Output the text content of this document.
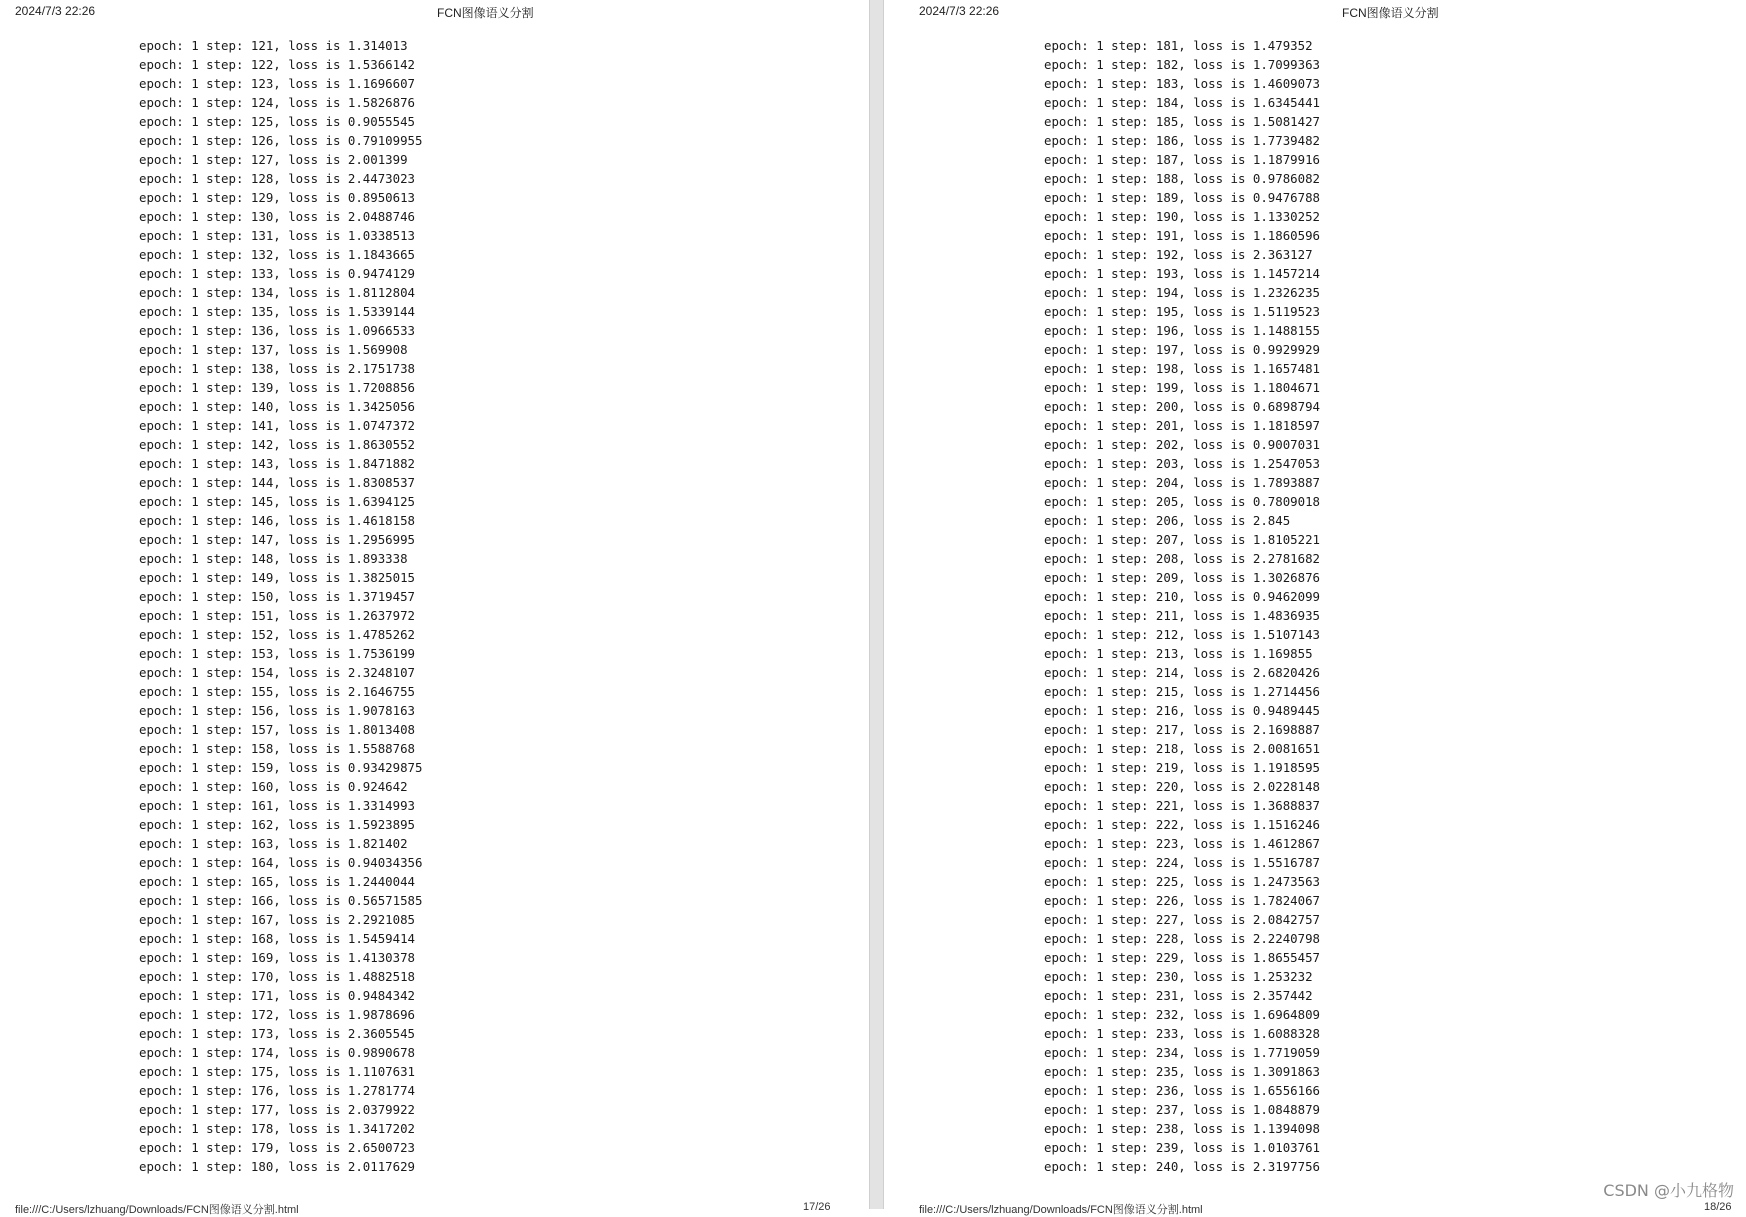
2024/7/3 22:26	FCN图像语义分割
epoch: 1 step: 121, loss is 1.314013
epoch: 1 step: 122, loss is 1.5366142
epoch: 1 step: 123, loss is 1.1696607
epoch: 1 step: 124, loss is 1.5826876
epoch: 1 step: 125, loss is 0.9055545
epoch: 1 step: 126, loss is 0.79109955
epoch: 1 step: 127, loss is 2.001399
epoch: 1 step: 128, loss is 2.4473023
epoch: 1 step: 129, loss is 0.8950613
epoch: 1 step: 130, loss is 2.0488746
epoch: 1 step: 131, loss is 1.0338513
epoch: 1 step: 132, loss is 1.1843665
epoch: 1 step: 133, loss is 0.9474129
epoch: 1 step: 134, loss is 1.8112804
epoch: 1 step: 135, loss is 1.5339144
epoch: 1 step: 136, loss is 1.0966533
epoch: 1 step: 137, loss is 1.569908
epoch: 1 step: 138, loss is 2.1751738
epoch: 1 step: 139, loss is 1.7208856
epoch: 1 step: 140, loss is 1.3425056
epoch: 1 step: 141, loss is 1.0747372
epoch: 1 step: 142, loss is 1.8630552
epoch: 1 step: 143, loss is 1.8471882
epoch: 1 step: 144, loss is 1.8308537
epoch: 1 step: 145, loss is 1.6394125
epoch: 1 step: 146, loss is 1.4618158
epoch: 1 step: 147, loss is 1.2956995
epoch: 1 step: 148, loss is 1.893338
epoch: 1 step: 149, loss is 1.3825015
epoch: 1 step: 150, loss is 1.3719457
epoch: 1 step: 151, loss is 1.2637972
epoch: 1 step: 152, loss is 1.4785262
epoch: 1 step: 153, loss is 1.7536199
epoch: 1 step: 154, loss is 2.3248107
epoch: 1 step: 155, loss is 2.1646755
epoch: 1 step: 156, loss is 1.9078163
epoch: 1 step: 157, loss is 1.8013408
epoch: 1 step: 158, loss is 1.5588768
epoch: 1 step: 159, loss is 0.93429875
epoch: 1 step: 160, loss is 0.924642
epoch: 1 step: 161, loss is 1.3314993
epoch: 1 step: 162, loss is 1.5923895
epoch: 1 step: 163, loss is 1.821402
epoch: 1 step: 164, loss is 0.94034356
epoch: 1 step: 165, loss is 1.2440044
epoch: 1 step: 166, loss is 0.56571585
epoch: 1 step: 167, loss is 2.2921085
epoch: 1 step: 168, loss is 1.5459414
epoch: 1 step: 169, loss is 1.4130378
epoch: 1 step: 170, loss is 1.4882518
epoch: 1 step: 171, loss is 0.9484342
epoch: 1 step: 172, loss is 1.9878696
epoch: 1 step: 173, loss is 2.3605545
epoch: 1 step: 174, loss is 0.9890678
epoch: 1 step: 175, loss is 1.1107631
epoch: 1 step: 176, loss is 1.2781774
epoch: 1 step: 177, loss is 2.0379922
epoch: 1 step: 178, loss is 1.3417202
epoch: 1 step: 179, loss is 2.6500723
epoch: 1 step: 180, loss is 2.0117629
file:///C:/Users/lzhuang/Downloads/FCN图像语义分割.html	17/26
2024/7/3 22:26	FCN图像语义分割
epoch: 1 step: 181, loss is 1.479352
epoch: 1 step: 182, loss is 1.7099363
epoch: 1 step: 183, loss is 1.4609073
epoch: 1 step: 184, loss is 1.6345441
epoch: 1 step: 185, loss is 1.5081427
epoch: 1 step: 186, loss is 1.7739482
epoch: 1 step: 187, loss is 1.1879916
epoch: 1 step: 188, loss is 0.9786082
epoch: 1 step: 189, loss is 0.9476788
epoch: 1 step: 190, loss is 1.1330252
epoch: 1 step: 191, loss is 1.1860596
epoch: 1 step: 192, loss is 2.363127
epoch: 1 step: 193, loss is 1.1457214
epoch: 1 step: 194, loss is 1.2326235
epoch: 1 step: 195, loss is 1.5119523
epoch: 1 step: 196, loss is 1.1488155
epoch: 1 step: 197, loss is 0.9929929
epoch: 1 step: 198, loss is 1.1657481
epoch: 1 step: 199, loss is 1.1804671
epoch: 1 step: 200, loss is 0.6898794
epoch: 1 step: 201, loss is 1.1818597
epoch: 1 step: 202, loss is 0.9007031
epoch: 1 step: 203, loss is 1.2547053
epoch: 1 step: 204, loss is 1.7893887
epoch: 1 step: 205, loss is 0.7809018
epoch: 1 step: 206, loss is 2.845
epoch: 1 step: 207, loss is 1.8105221
epoch: 1 step: 208, loss is 2.2781682
epoch: 1 step: 209, loss is 1.3026876
epoch: 1 step: 210, loss is 0.9462099
epoch: 1 step: 211, loss is 1.4836935
epoch: 1 step: 212, loss is 1.5107143
epoch: 1 step: 213, loss is 1.169855
epoch: 1 step: 214, loss is 2.6820426
epoch: 1 step: 215, loss is 1.2714456
epoch: 1 step: 216, loss is 0.9489445
epoch: 1 step: 217, loss is 2.1698887
epoch: 1 step: 218, loss is 2.0081651
epoch: 1 step: 219, loss is 1.1918595
epoch: 1 step: 220, loss is 2.0228148
epoch: 1 step: 221, loss is 1.3688837
epoch: 1 step: 222, loss is 1.1516246
epoch: 1 step: 223, loss is 1.4612867
epoch: 1 step: 224, loss is 1.5516787
epoch: 1 step: 225, loss is 1.2473563
epoch: 1 step: 226, loss is 1.7824067
epoch: 1 step: 227, loss is 2.0842757
epoch: 1 step: 228, loss is 2.2240798
epoch: 1 step: 229, loss is 1.8655457
epoch: 1 step: 230, loss is 1.253232
epoch: 1 step: 231, loss is 2.357442
epoch: 1 step: 232, loss is 1.6964809
epoch: 1 step: 233, loss is 1.6088328
epoch: 1 step: 234, loss is 1.7719059
epoch: 1 step: 235, loss is 1.3091863
epoch: 1 step: 236, loss is 1.6556166
epoch: 1 step: 237, loss is 1.0848879
epoch: 1 step: 238, loss is 1.1394098
epoch: 1 step: 239, loss is 1.0103761
epoch: 1 step: 240, loss is 2.3197756
file:///C:/Users/lzhuang/Downloads/FCN图像语义分割.html	18/26
CSDN @小九格物
